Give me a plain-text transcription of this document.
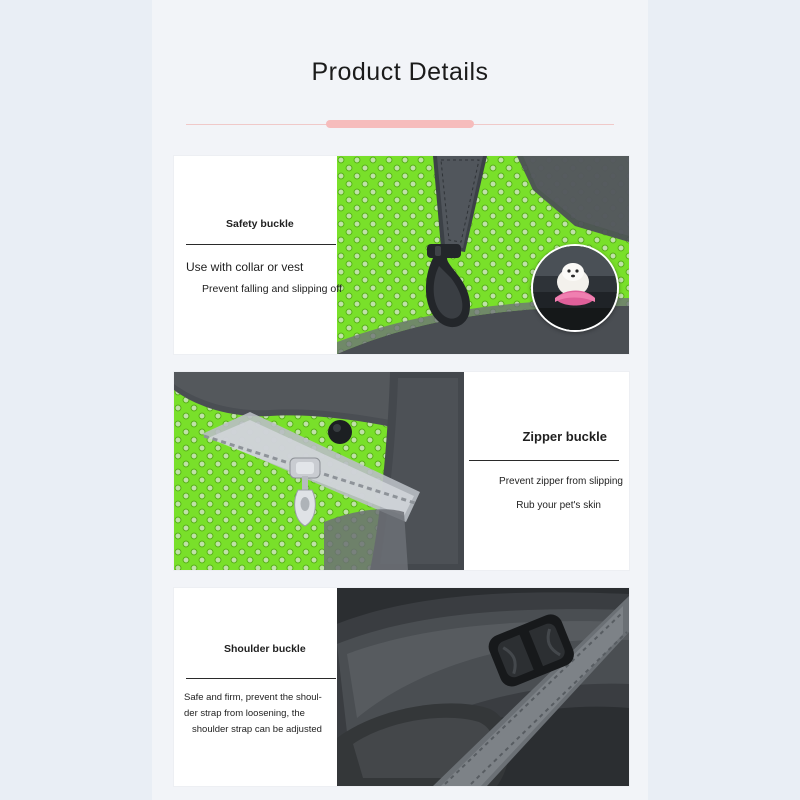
Product Details
Safety buckle
Use with collar or vest
Prevent falling and slipping off
Zipper buckle
Prevent zipper from slipping
Rub your pet's skin
Shoulder buckle
Safe and firm, prevent the shoul-
der strap from loosening, the
shoulder strap can be adjusted
